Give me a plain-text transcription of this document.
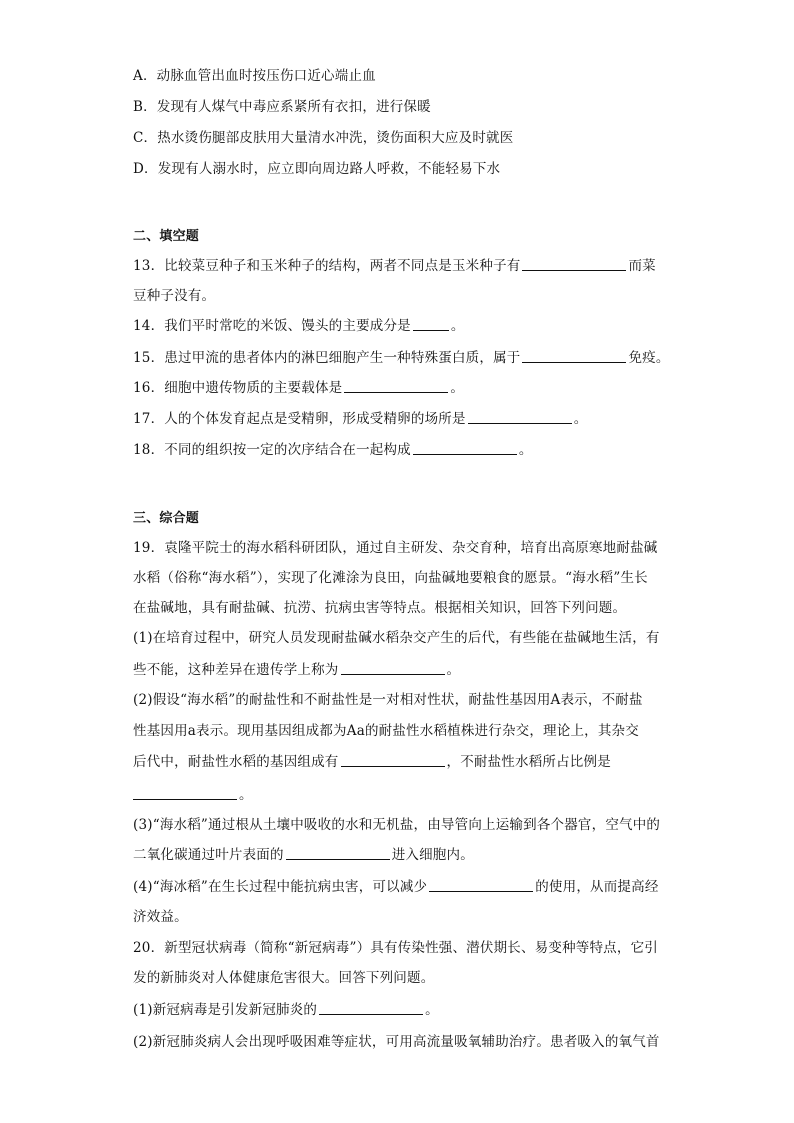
A．动脉血管出血时按压伤口近心端止血
B．发现有人煤气中毒应系紧所有衣扣，进行保暖
C．热水烫伤腿部皮肤用大量清水冲洗，烫伤面积大应及时就医
D．发现有人溺水时，应立即向周边路人呼救，不能轻易下水
二、填空题
13．比较菜豆种子和玉米种子的结构，两者不同点是玉米种子有	而菜
豆种子没有。
14．我们平时常吃的米饭、馒头的主要成分是	。
15．患过甲流的患者体内的淋巴细胞产生一种特殊蛋白质，属于	免疫。
16．细胞中遗传物质的主要载体是	。
17．人的个体发育起点是受精卵，形成受精卵的场所是	。
18．不同的组织按一定的次序结合在一起构成	。
三、综合题
19．袁隆平院士的海水稻科研团队，通过自主研发、杂交育种，培育出高原寒地耐盐碱
水稻（俗称“海水稻”），实现了化滩涂为良田，向盐碱地要粮食的愿景。“海水稻”生长
在盐碱地，具有耐盐碱、抗涝、抗病虫害等特点。根据相关知识，回答下列问题。
(1)在培育过程中，研究人员发现耐盐碱水稻杂交产生的后代，有些能在盐碱地生活，有
些不能，这种差异在遗传学上称为	。
(2)假设“海水稻”的耐盐性和不耐盐性是一对相对性状，耐盐性基因用A表示，不耐盐
性基因用a表示。现用基因组成都为Aa的耐盐性水稻植株进行杂交，理论上，其杂交
后代中，耐盐性水稻的基因组成有	，不耐盐性水稻所占比例是
。
(3)“海水稻”通过根从土壤中吸收的水和无机盐，由导管向上运输到各个器官，空气中的
二氧化碳通过叶片表面的	进入细胞内。
(4)“海冰稻”在生长过程中能抗病虫害，可以减少	的使用，从而提高经
济效益。
20．新型冠状病毒（简称“新冠病毒”）具有传染性强、潜伏期长、易变种等特点，它引
发的新肺炎对人体健康危害很大。回答下列问题。
(1)新冠病毒是引发新冠肺炎的	。
(2)新冠肺炎病人会出现呼吸困难等症状，可用高流量吸氧辅助治疗。患者吸入的氧气首
